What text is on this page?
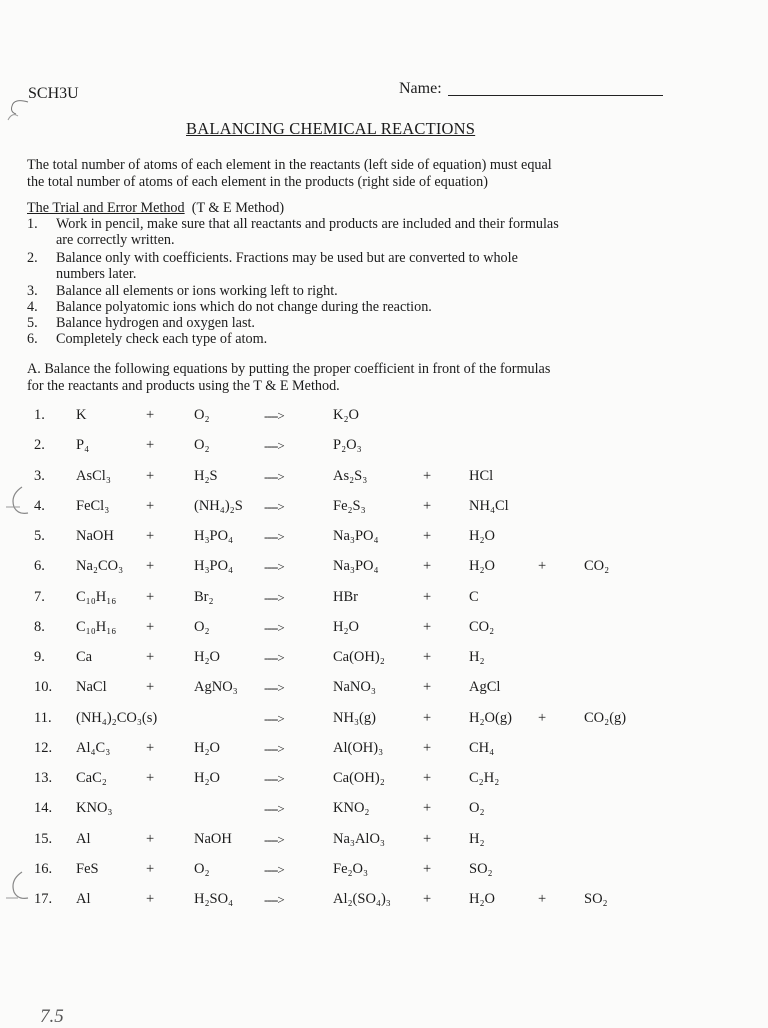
SCH3U	Name:
BALANCING CHEMICAL REACTIONS
The total number of atoms of each element in the reactants (left side of equation) must equal
the total number of atoms of each element in the products (right side of equation)
The Trial and Error Method (T & E Method)
1. Work in pencil, make sure that all reactants and products are included and their formulas
are correctly written.
2. Balance only with coefficients. Fractions may be used but are converted to whole
numbers later.
3. Balance all elements or ions working left to right.
4. Balance polyatomic ions which do not change during the reaction.
5. Balance hydrogen and oxygen last.
6. Completely check each type of atom.
A. Balance the following equations by putting the proper coefficient in front of the formulas
for the reactants and products using the T & E Method.
1. K	+	O₂	---->	K₂O
2. P₄	+	O₂	---->	P₂O₃
3. AsCl₃ +	H₂S	---->	As₂S₃	+	HCl
4. FeCl₃	+	(NH₄)₂S ---->	Fe₂S₃	+	NH₄Cl
5. NaOH +	H₃PO₄ ---->	Na₃PO₄	+	H₂O
6. Na₂CO₃ +	H₃PO₄ ---->	Na₃PO₄	+	H₂O	+	CO₂
7. C₁₀H₁₆ +	Br₂	---->	HBr	+	C
8. C₁₀H₁₆ +	O₂	---->	H₂O	+	CO₂
9. Ca	+	H₂O	---->	Ca(OH)₂	+	H₂
10. NaCl	+	AgNO₃ ---->	NaNO₃	+	AgCl
11. (NH₄)₂CO₃(s)	---->	NH₃(g)	+	H₂O(g) +	CO₂(g)
12. Al₄C₃ +	H₂O	---->	Al(OH)₃	+	CH₄
13. CaC₂	+	H₂O	---->	Ca(OH)₂	+	C₂H₂
14. KNO₃	---->	KNO₂	+	O₂
15. Al	+	NaOH ---->	Na₃AlO₃	+	H₂
16. FeS	+	O₂	---->	Fe₂O₃	+	SO₂
17. Al	+	H₂SO₄ ---->	Al₂(SO₄)₃ +	H₂O	+	SO₂
7.5
